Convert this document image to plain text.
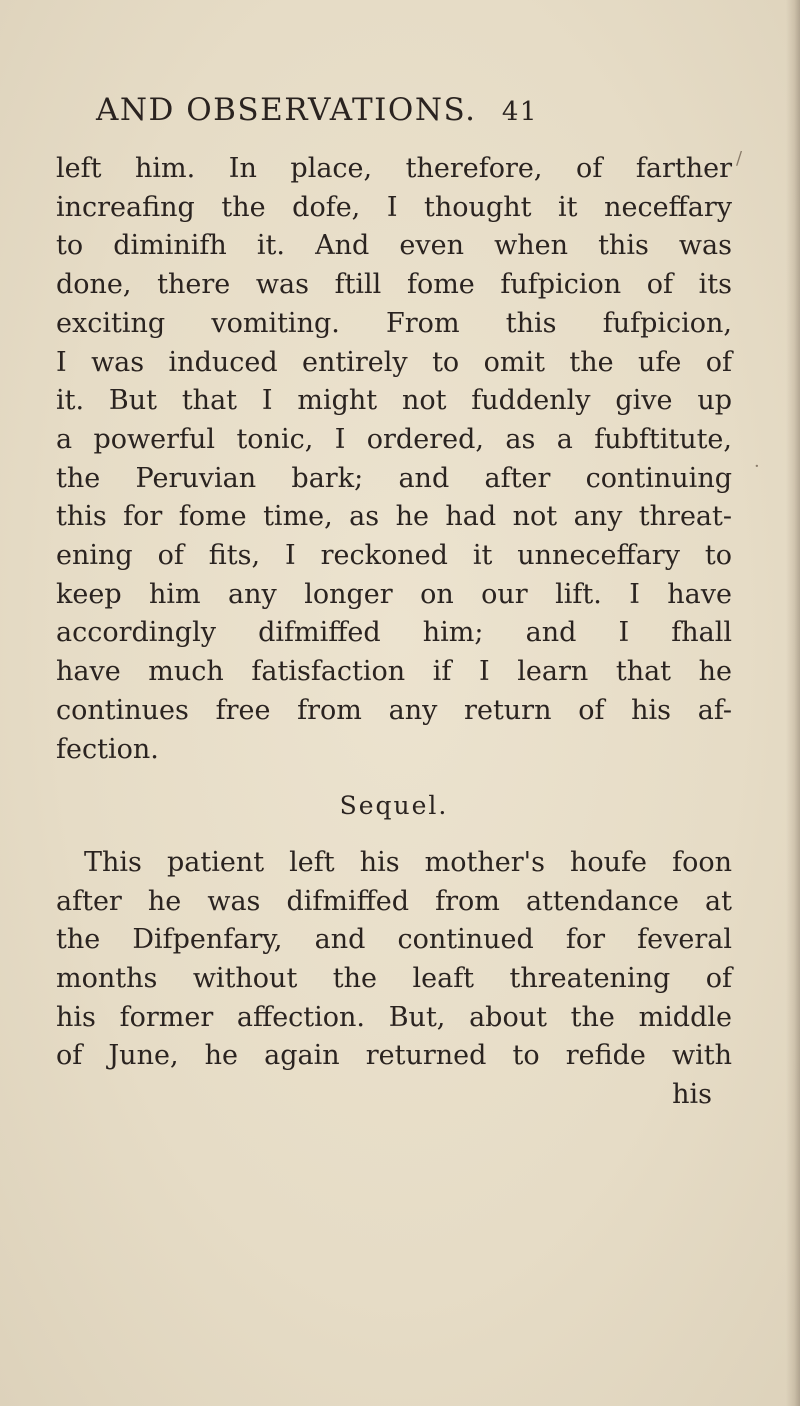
/
·
AND OBSERVATIONS. 41
left him. In place, therefore, of farther
increafing the dofe, I thought it neceffary
to diminifh it. And even when this was
done, there was ftill fome fufpicion of its
exciting vomiting. From this fufpicion,
I was induced entirely to omit the ufe of
it. But that I might not fuddenly give up
a powerful tonic, I ordered, as a fubftitute,
the Peruvian bark; and after continuing
this for fome time, as he had not any threat-
ening of fits, I reckoned it unneceffary to
keep him any longer on our lift. I have
accordingly difmiffed him; and I fhall
have much fatisfaction if I learn that he
continues free from any return of his af-
fection.
Sequel.
This patient left his mother's houfe foon
after he was difmiffed from attendance at
the Difpenfary, and continued for feveral
months without the leaft threatening of
his former affection. But, about the middle
of June, he again returned to refide with
his
